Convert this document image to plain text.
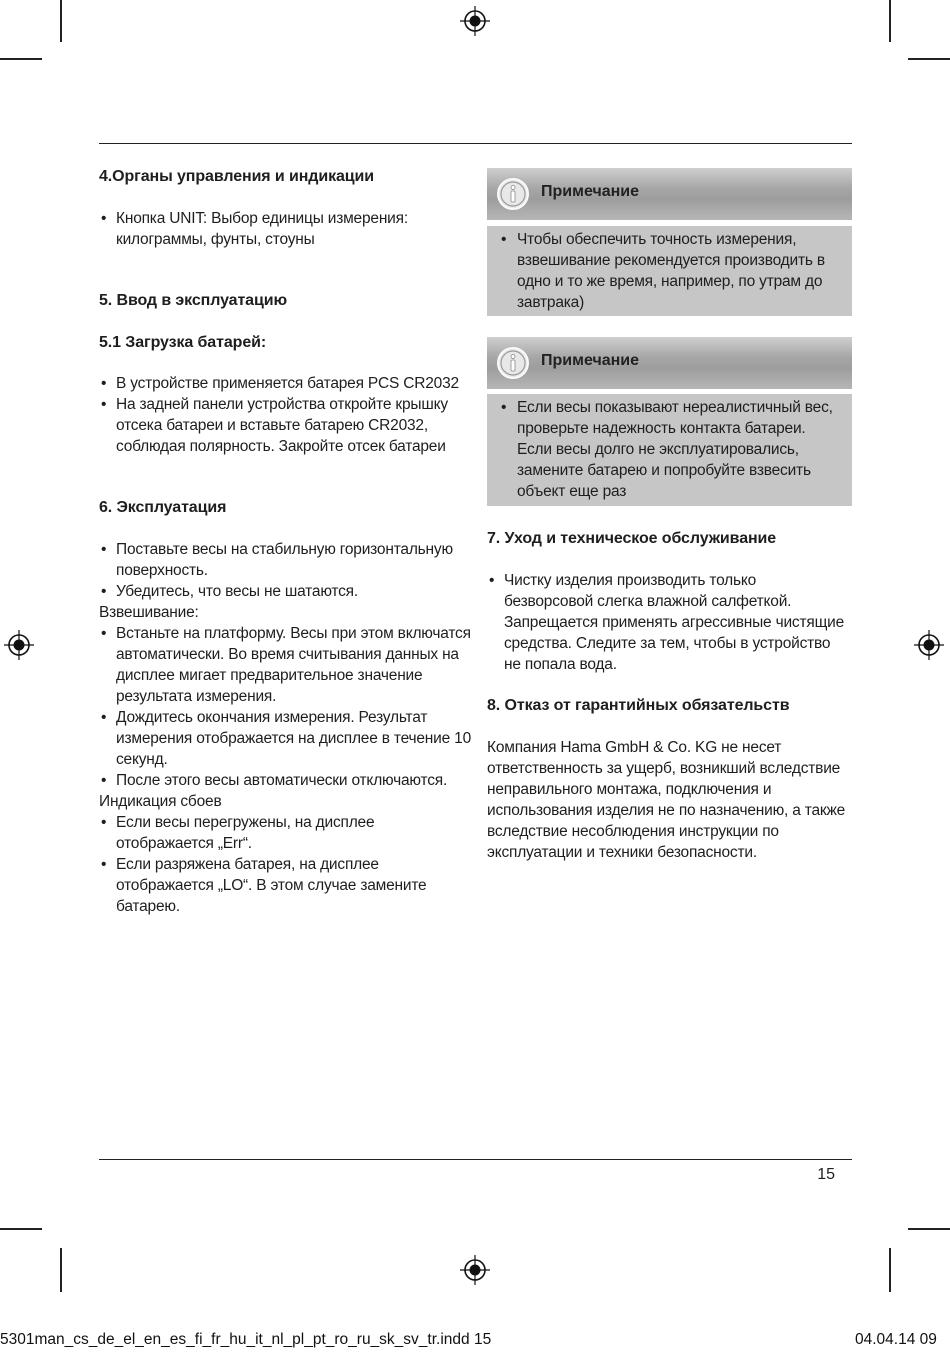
4.Органы управления и индикации
• Кнопка UNIT: Выбор единицы измерения: килограммы, фунты, стоуны
5. Ввод в эксплуатацию
5.1 Загрузка батарей:
• В устройстве применяется батарея PCS CR2032
• На задней панели устройства откройте крышку отсека батареи и вставьте батарею CR2032, соблюдая полярность. Закройте отсек батареи
6. Эксплуатация
• Поставьте весы на стабильную горизонтальную поверхность.
• Убедитесь, что весы не шатаются.

Взвешивание:

• Встаньте на платформу. Весы при этом включатся автоматически. Во время считывания данных на дисплее мигает предварительное значение результата измерения.
• Дождитесь окончания измерения. Результат измерения отображается на дисплее в течение 10 секунд.
• После этого весы автоматически отключаются.

Индикация сбоев

• Если весы перегружены, на дисплее отображается „Err“.
• Если разряжена батарея, на дисплее отображается „LO“. В этом случае замените батарею.
Примечание
• Чтобы обеспечить точность измерения, взвешивание рекомендуется производить в одно и то же время, например, по утрам до завтрака)
Примечание
• Если весы показывают нереалистичный вес, проверьте надежность контакта батареи. Если весы долго не эксплуатировались, замените батарею и попробуйте взвесить объект еще раз
7. Уход и техническое обслуживание
• Чистку изделия производить только безворсовой слегка влажной салфеткой. Запрещается применять агрессивные чистящие средства. Следите за тем, чтобы в устройство не попала вода.
8. Отказ от гарантийных обязательств

Компания Hama GmbH & Co. KG не несет ответственность за ущерб, возникший вследствие неправильного монтажа, подключения и использования изделия не по назначению, а также вследствие несоблюдения инструкции по эксплуатации и техники безопасности.

15
5301man_cs_de_el_en_es_fi_fr_hu_it_nl_pl_pt_ro_ru_sk_sv_tr.indd 15	04.04.14 09
